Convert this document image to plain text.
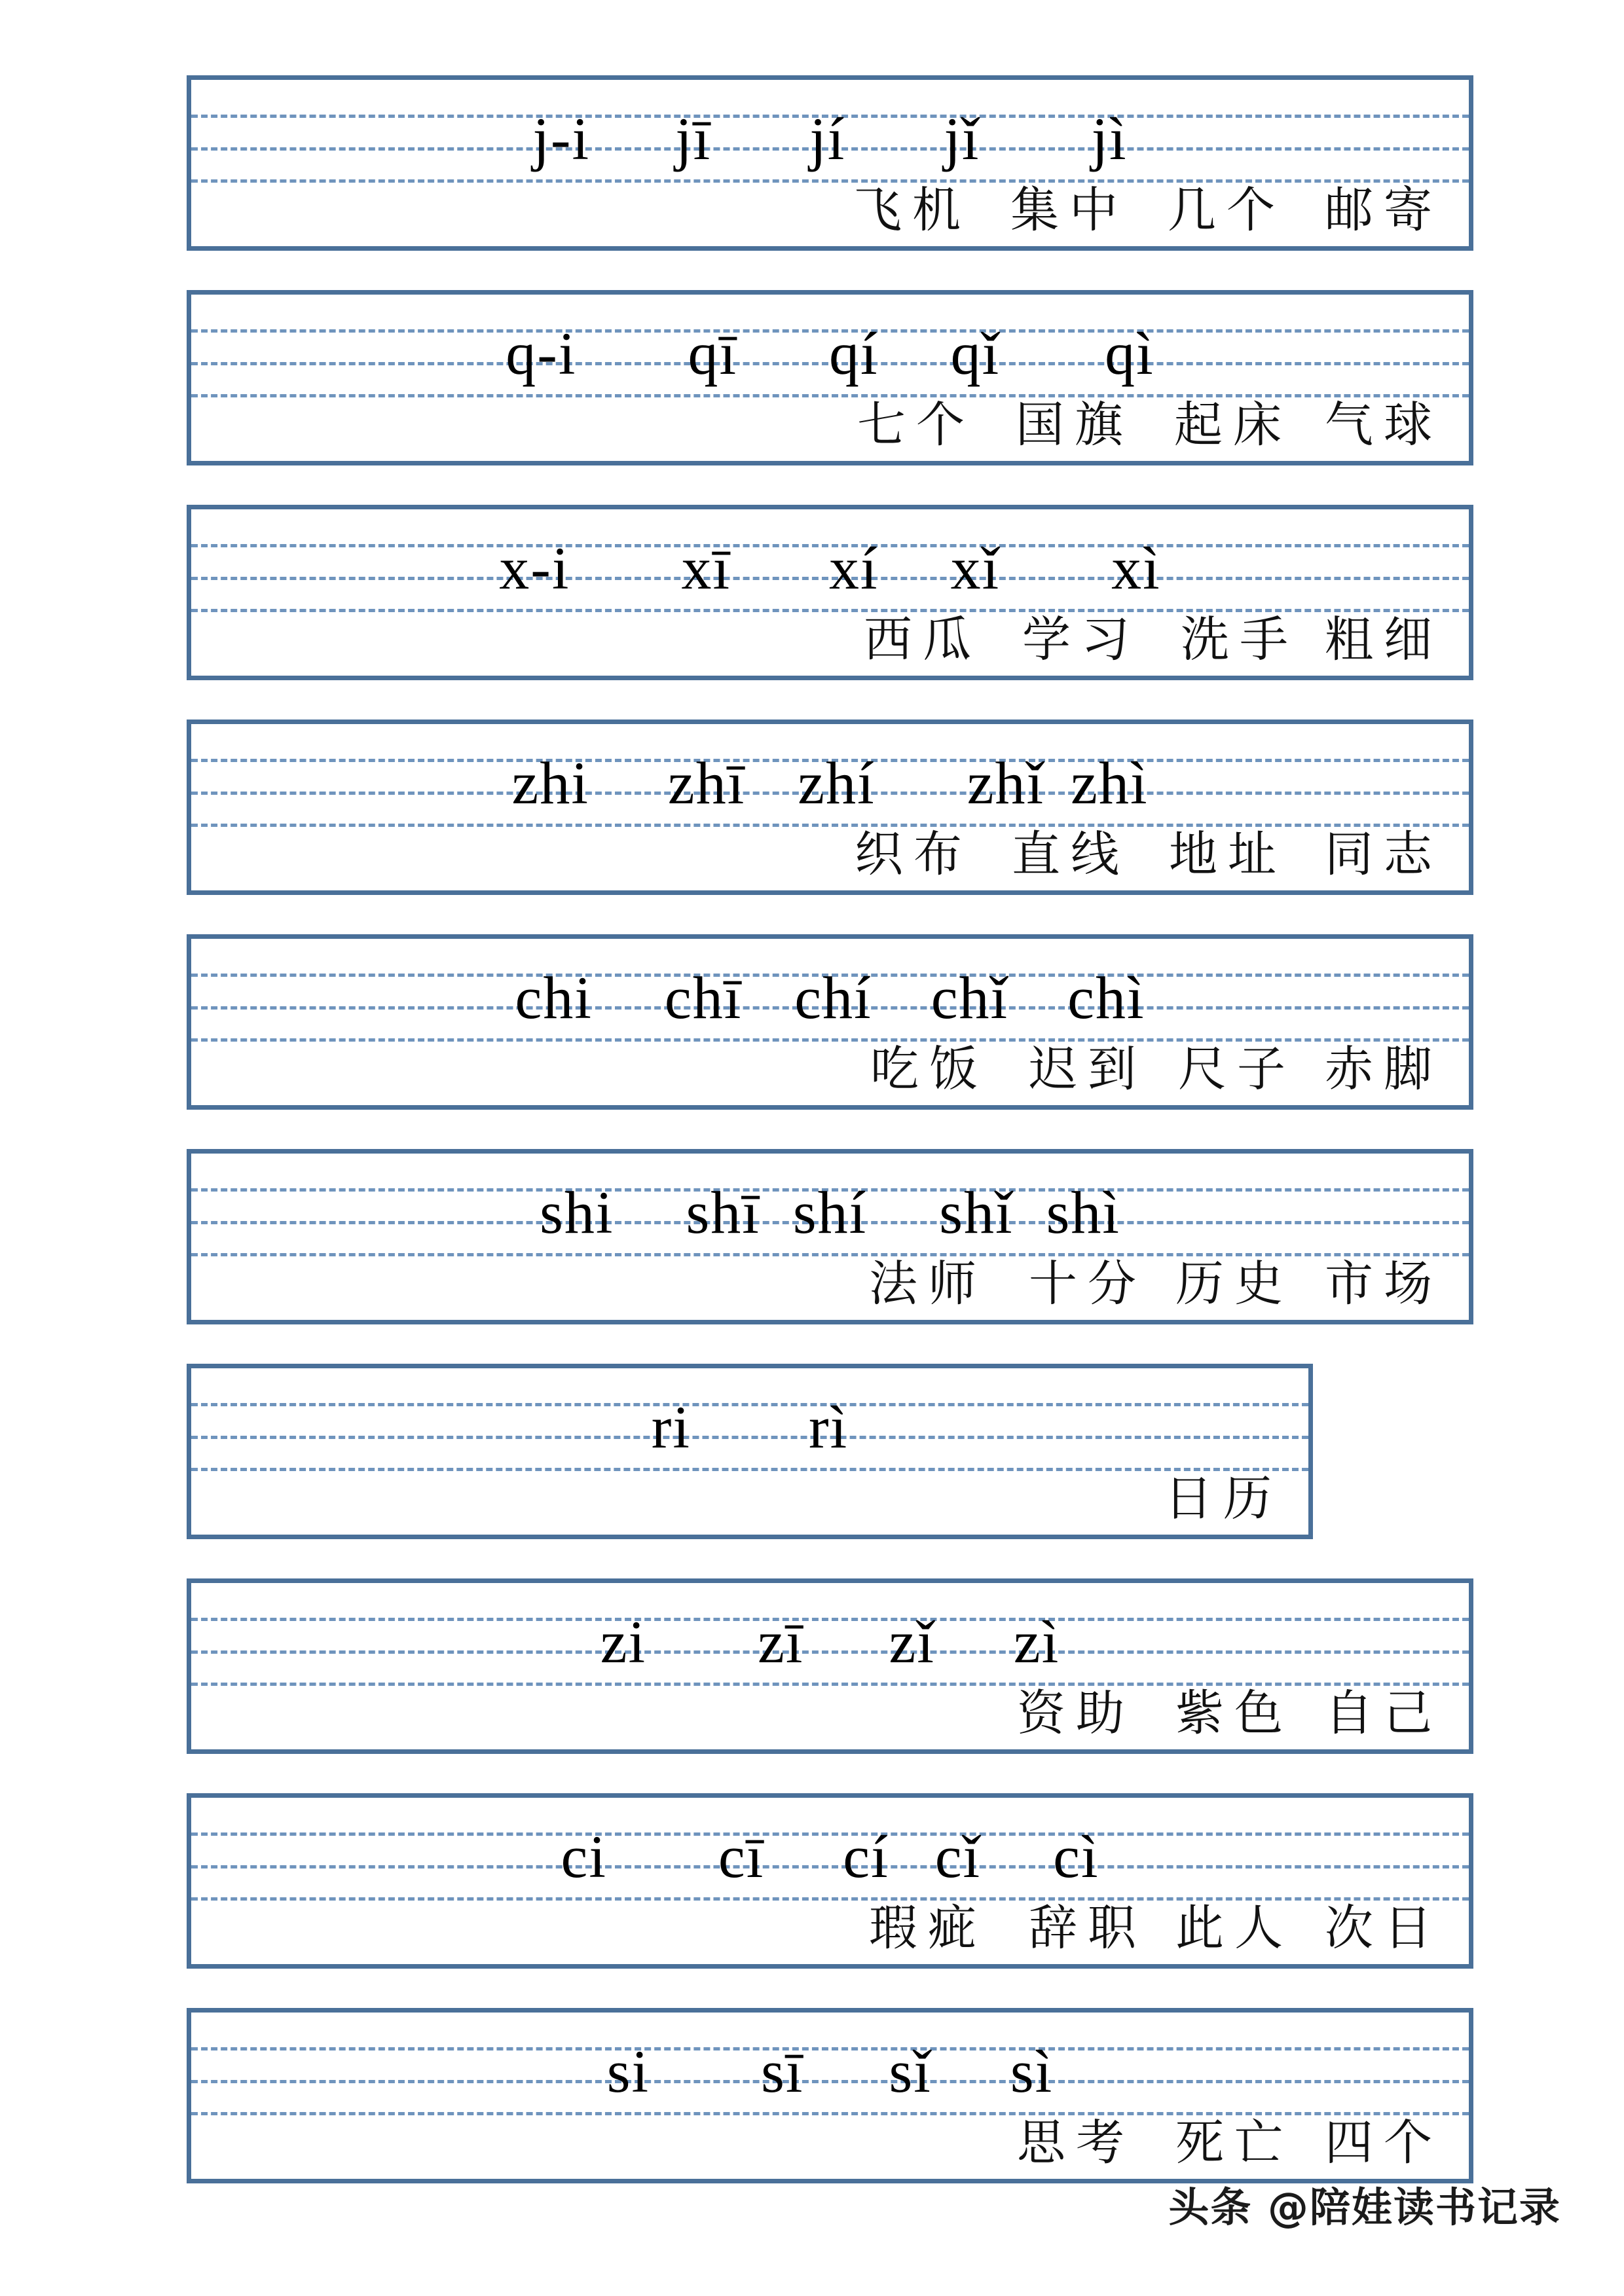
j-i jī jí jǐ jì
飞机 集中 几个 邮寄
q-i qī qí qǐ qì
七个 国旗 起床 气球
x-i xī xí xǐ xì
西瓜 学习 洗手 粗细
zhi zhī zhí zhǐ zhì
织布 直线 地址 同志
chi chī chí chǐ chì
吃饭 迟到 尺子 赤脚
shi shī shí shǐ shì
法师 十分 历史 市场
ri rì
日历
zi zī zǐ zì
资助 紫色 自己
ci cī cí cǐ cì
瑕疵 辞职 此人 次日
si sī sǐ sì
思考 死亡 四个
头条 @陪娃读书记录
